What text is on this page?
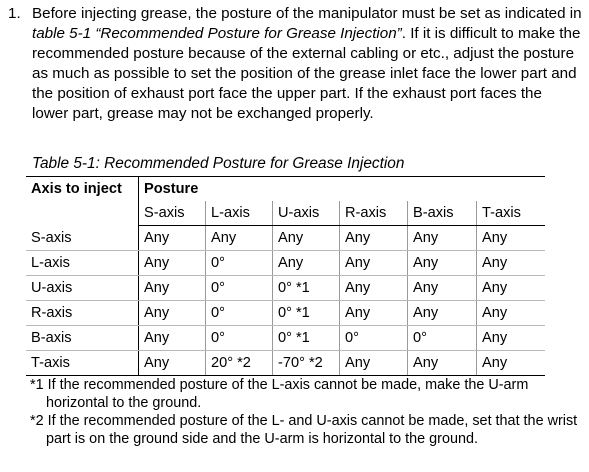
1. Before injecting grease, the posture of the manipulator must be set as indicated in table 5-1 “Recommended Posture for Grease Injection”. If it is difficult to make the recommended posture because of the external cabling or etc., adjust the posture as much as possible to set the position of the grease inlet face the lower part and the position of exhaust port face the upper part. If the exhaust port faces the lower part, grease may not be exchanged properly.
Table 5-1: Recommended Posture for Grease Injection
Axis to inject	Posture					
	S-axis	L-axis	U-axis	R-axis	B-axis	T-axis
S-axis	Any	Any	Any	Any	Any	Any
L-axis	Any	0°	Any	Any	Any	Any
U-axis	Any	0°	0° *1	Any	Any	Any
R-axis	Any	0°	0° *1	Any	Any	Any
B-axis	Any	0°	0° *1	0°	0°	Any
T-axis	Any	20° *2	-70° *2	Any	Any	Any
*1 If the recommended posture of the L-axis cannot be made, make the U-arm horizontal to the ground.
*2 If the recommended posture of the L- and U-axis cannot be made, set that the wrist part is on the ground side and the U-arm is horizontal to the ground.
